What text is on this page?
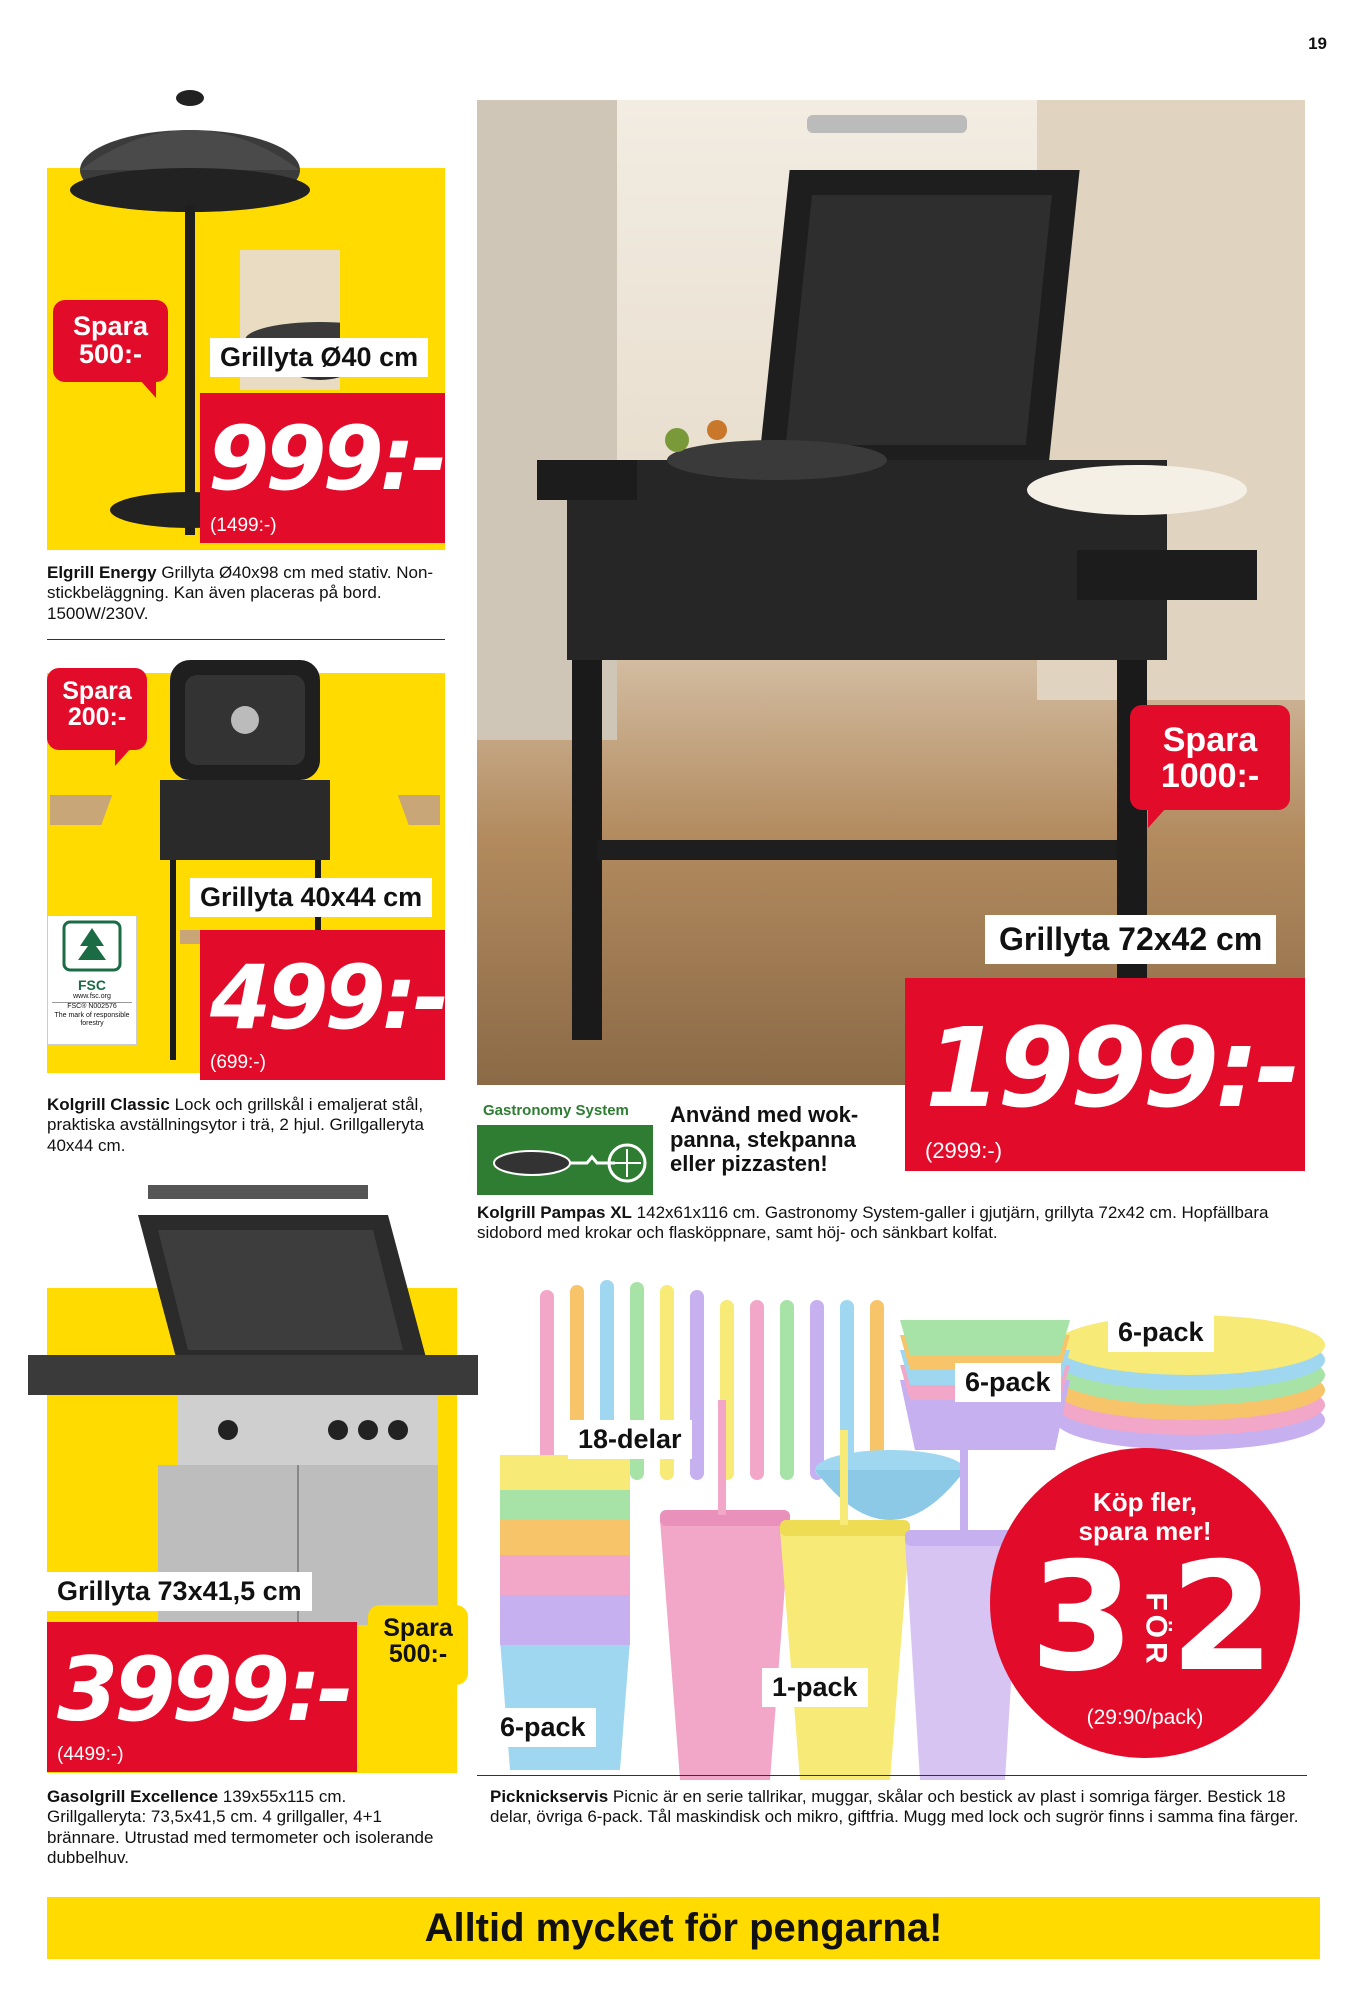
19
Spara
500:-	Grillyta Ø40 cm
999:-
(1499:-)
Elgrill Energy Grillyta Ø40x98 cm med stativ. Non-stickbeläggning. Kan även placeras på bord. 1500W/230V.
Spara
200:-
Grillyta 40x44 cm
FSC
www.fsc.org
FSC® N002576
The mark of responsible forestry	499:-
(699:-)
Kolgrill Classic Lock och grillskål i emaljerat stål, praktiska avställningsytor i trä, 2 hjul. Grillgalleryta 40x44 cm.
Spara
1000:-
Grillyta 72x42 cm
1999:-
(2999:-)
Gastronomy System	Använd med wok-panna, stekpanna eller pizzasten!
Kolgrill Pampas XL 142x61x116 cm. Gastronomy System-galler i gjutjärn, grillyta 72x42 cm. Hopfällbara sidobord med krokar och flasköppnare, samt höj- och sänkbart kolfat.
Grillyta 73x41,5 cm
Spara
500:-
3999:-
(4499:-)
Gasolgrill Excellence 139x55x115 cm. Grillgalleryta: 73,5x41,5 cm. 4 grillgaller, 4+1 brännare. Utrustad med termometer och isolerande dubbelhuv.
6-pack
6-pack
18-delar
6-pack
1-pack
Köp fler,
spara mer!
3 FÖR
2
(29:90/pack)
Picknickservis Picnic är en serie tallrikar, muggar, skålar och bestick av plast i somriga färger. Bestick 18 delar, övriga 6-pack. Tål maskindisk och mikro, giftfria. Mugg med lock och sugrör finns i samma fina färger.
Alltid mycket för pengarna!
